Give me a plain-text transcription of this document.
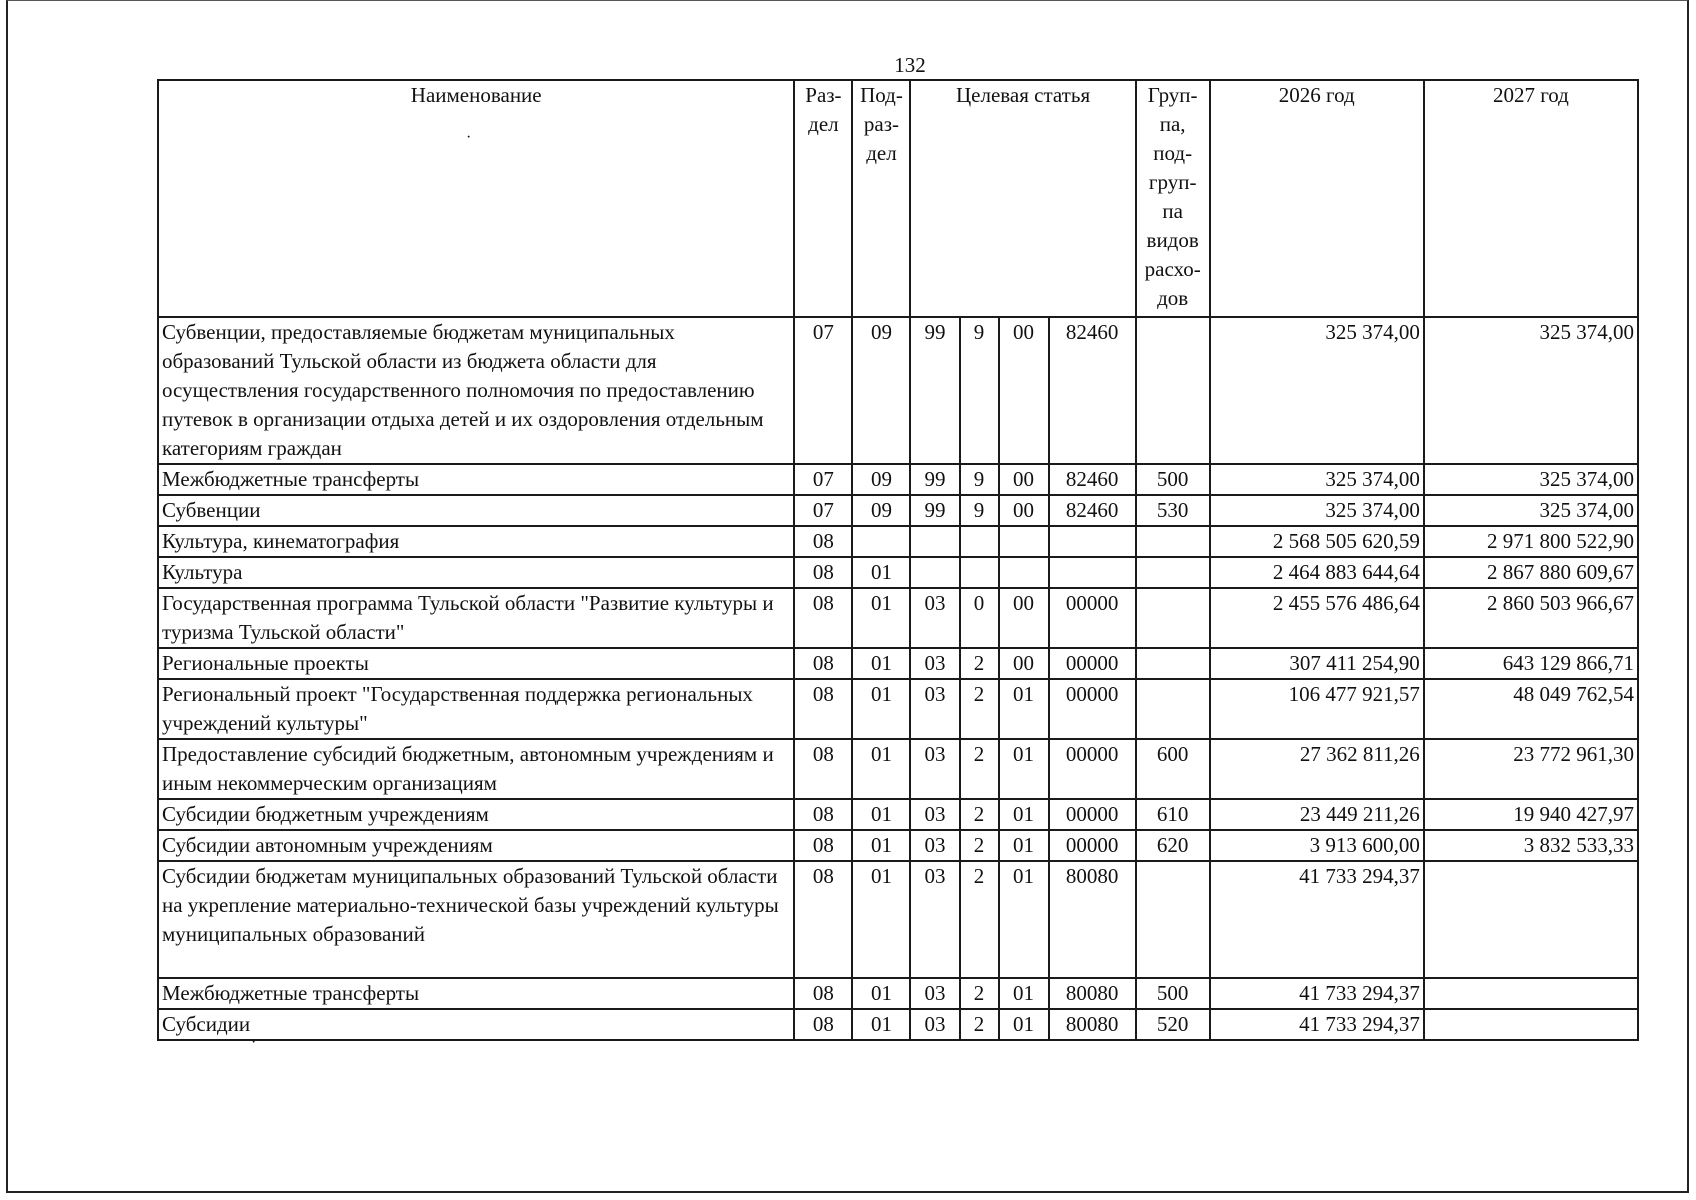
132
·
·
Наименование	Раз-дел	Под-раз-дел	Целевая статья				Груп-па, под-груп-па видов расхо-дов	2026 год	2027 год
Субвенции, предоставляемые бюджетам муниципальных образований Тульской области из бюджета области для осуществления государственного полномочия по предоставлению путевок в организации отдыха детей и их оздоровления отдельным категориям граждан	07	09	99	9	00	82460		325 374,00	325 374,00
Межбюджетные трансферты	07	09	99	9	00	82460	500	325 374,00	325 374,00
Субвенции	07	09	99	9	00	82460	530	325 374,00	325 374,00
Культура, кинематография	08							2 568 505 620,59	2 971 800 522,90
Культура	08	01						2 464 883 644,64	2 867 880 609,67
Государственная программа Тульской области "Развитие культуры и туризма Тульской области"	08	01	03	0	00	00000		2 455 576 486,64	2 860 503 966,67
Региональные проекты	08	01	03	2	00	00000		307 411 254,90	643 129 866,71
Региональный проект "Государственная поддержка региональных учреждений культуры"	08	01	03	2	01	00000		106 477 921,57	48 049 762,54
Предоставление субсидий бюджетным, автономным учреждениям и иным некоммерческим организациям	08	01	03	2	01	00000	600	27 362 811,26	23 772 961,30
Субсидии бюджетным учреждениям	08	01	03	2	01	00000	610	23 449 211,26	19 940 427,97
Субсидии автономным учреждениям	08	01	03	2	01	00000	620	3 913 600,00	3 832 533,33
Субсидии бюджетам муниципальных образований Тульской области на укрепление материально-технической базы учреждений культуры муниципальных образований	08	01	03	2	01	80080		41 733 294,37	
Межбюджетные трансферты	08	01	03	2	01	80080	500	41 733 294,37	
Субсидии	08	01	03	2	01	80080	520	41 733 294,37	
